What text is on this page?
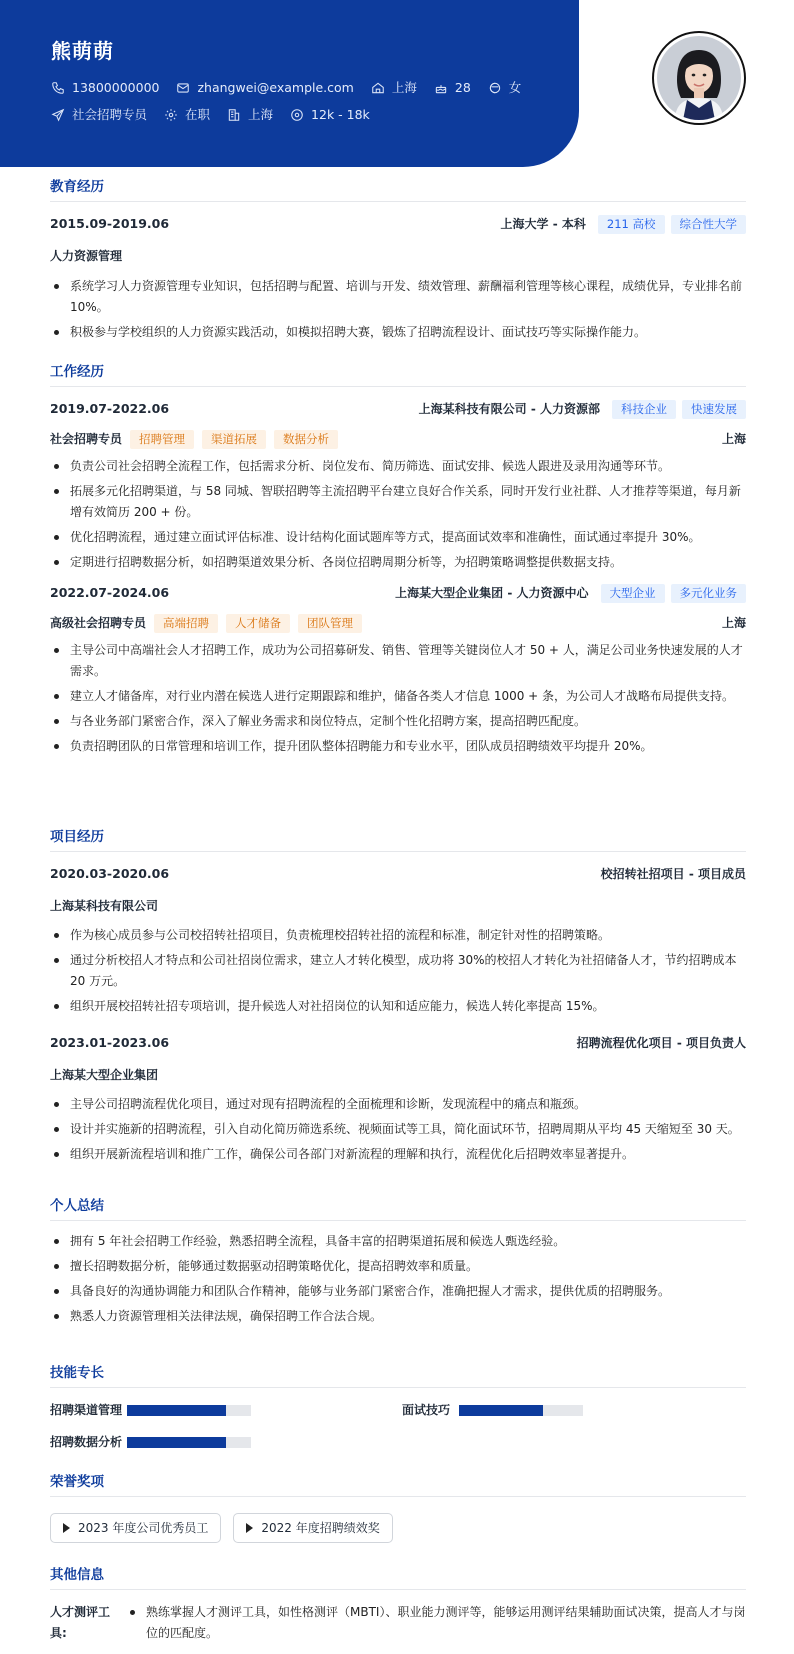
熊萌萌
13800000000	zhangwei@example.com	上海	28	女
社会招聘专员	在职	上海	12k - 18k
教育经历
2015.09-2019.06	上海大学 - 本科	211 高校	综合性大学
人力资源管理
系统学习人力资源管理专业知识，包括招聘与配置、培训与开发、绩效管理、薪酬福利管理等核心课程，成绩优异，专业排名前 10%。
积极参与学校组织的人力资源实践活动，如模拟招聘大赛，锻炼了招聘流程设计、面试技巧等实际操作能力。
工作经历
2019.07-2022.06	上海某科技有限公司 - 人力资源部	科技企业	快速发展
社会招聘专员	招聘管理	渠道拓展	数据分析	上海
负责公司社会招聘全流程工作，包括需求分析、岗位发布、简历筛选、面试安排、候选人跟进及录用沟通等环节。
拓展多元化招聘渠道，与 58 同城、智联招聘等主流招聘平台建立良好合作关系，同时开发行业社群、人才推荐等渠道，每月新增有效简历 200 + 份。
优化招聘流程，通过建立面试评估标准、设计结构化面试题库等方式，提高面试效率和准确性，面试通过率提升 30%。
定期进行招聘数据分析，如招聘渠道效果分析、各岗位招聘周期分析等，为招聘策略调整提供数据支持。
2022.07-2024.06	上海某大型企业集团 - 人力资源中心	大型企业	多元化业务
高级社会招聘专员	高端招聘	人才储备	团队管理	上海
主导公司中高端社会人才招聘工作，成功为公司招募研发、销售、管理等关键岗位人才 50 + 人，满足公司业务快速发展的人才需求。
建立人才储备库，对行业内潜在候选人进行定期跟踪和维护，储备各类人才信息 1000 + 条，为公司人才战略布局提供支持。
与各业务部门紧密合作，深入了解业务需求和岗位特点，定制个性化招聘方案，提高招聘匹配度。
负责招聘团队的日常管理和培训工作，提升团队整体招聘能力和专业水平，团队成员招聘绩效平均提升 20%。
项目经历
2020.03-2020.06	校招转社招项目 - 项目成员
上海某科技有限公司
作为核心成员参与公司校招转社招项目，负责梳理校招转社招的流程和标准，制定针对性的招聘策略。
通过分析校招人才特点和公司社招岗位需求，建立人才转化模型，成功将 30%的校招人才转化为社招储备人才，节约招聘成本 20 万元。
组织开展校招转社招专项培训，提升候选人对社招岗位的认知和适应能力，候选人转化率提高 15%。
2023.01-2023.06	招聘流程优化项目 - 项目负责人
上海某大型企业集团
主导公司招聘流程优化项目，通过对现有招聘流程的全面梳理和诊断，发现流程中的痛点和瓶颈。
设计并实施新的招聘流程，引入自动化简历筛选系统、视频面试等工具，简化面试环节，招聘周期从平均 45 天缩短至 30 天。
组织开展新流程培训和推广工作，确保公司各部门对新流程的理解和执行，流程优化后招聘效率显著提升。
个人总结
拥有 5 年社会招聘工作经验，熟悉招聘全流程，具备丰富的招聘渠道拓展和候选人甄选经验。
擅长招聘数据分析，能够通过数据驱动招聘策略优化，提高招聘效率和质量。
具备良好的沟通协调能力和团队合作精神，能够与业务部门紧密合作，准确把握人才需求，提供优质的招聘服务。
熟悉人力资源管理相关法律法规，确保招聘工作合法合规。
技能专长
招聘渠道管理	面试技巧
招聘数据分析
荣誉奖项
2023 年度公司优秀员工
	2022 年度招聘绩效奖
其他信息
人才测评工具:
熟练掌握人才测评工具，如性格测评（MBTI）、职业能力测评等，能够运用测评结果辅助面试决策，提高人才与岗位的匹配度。
